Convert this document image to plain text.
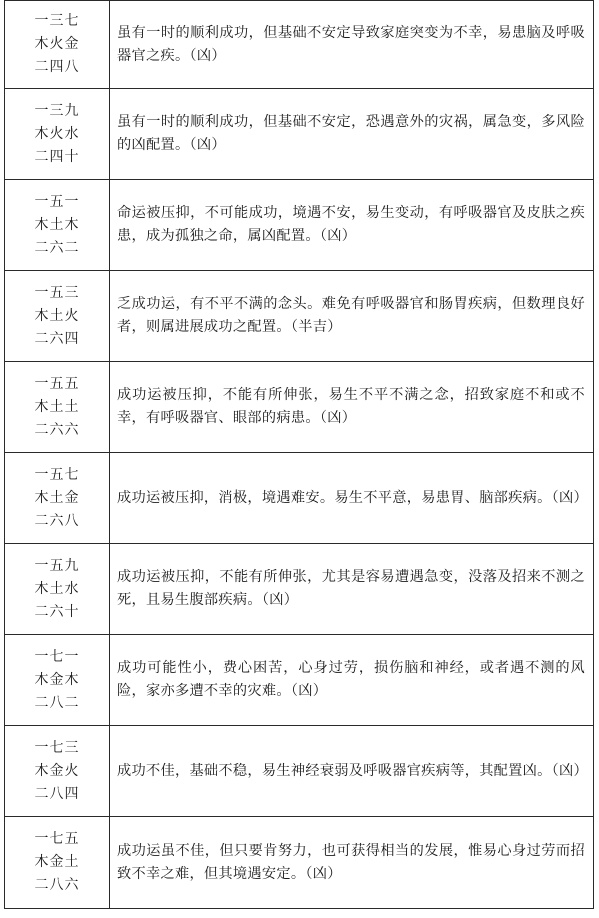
一三七
木火金
二四八	虽有一时的顺利成功，但基础不安定导致家庭突变为不幸，易患脑及呼吸器官之疾。（凶）

一三九
木火水
二四十	虽有一时的顺利成功，但基础不安定，恐遇意外的灾祸，属急变，多风险的凶配置。（凶）

一五一
木土木
二六二	命运被压抑，不可能成功，境遇不安，易生变动，有呼吸器官及皮肤之疾患，成为孤独之命，属凶配置。（凶）

一五三
木土火
二六四	乏成功运，有不平不满的念头。难免有呼吸器官和肠胃疾病，但数理良好者，则属进展成功之配置。（半吉）

一五五
木土土
二六六	成功运被压抑，不能有所伸张，易生不平不满之念，招致家庭不和或不幸，有呼吸器官、眼部的病患。（凶）

一五七
木土金
二六八	成功运被压抑，消极，境遇难安。易生不平意，易患胃、脑部疾病。（凶）

一五九
木土水
二六十	成功运被压抑，不能有所伸张，尤其是容易遭遇急变，没落及招来不测之死，且易生腹部疾病。（凶）

一七一
木金木
二八二	成功可能性小，费心困苦，心身过劳，损伤脑和神经，或者遇不测的风险，家亦多遭不幸的灾难。（凶）

一七三
木金火
二八四	成功不佳，基础不稳，易生神经衰弱及呼吸器官疾病等，其配置凶。（凶）

一七五
木金土
二八六	成功运虽不佳，但只要肯努力，也可获得相当的发展，惟易心身过劳而招致不幸之难，但其境遇安定。（凶）
